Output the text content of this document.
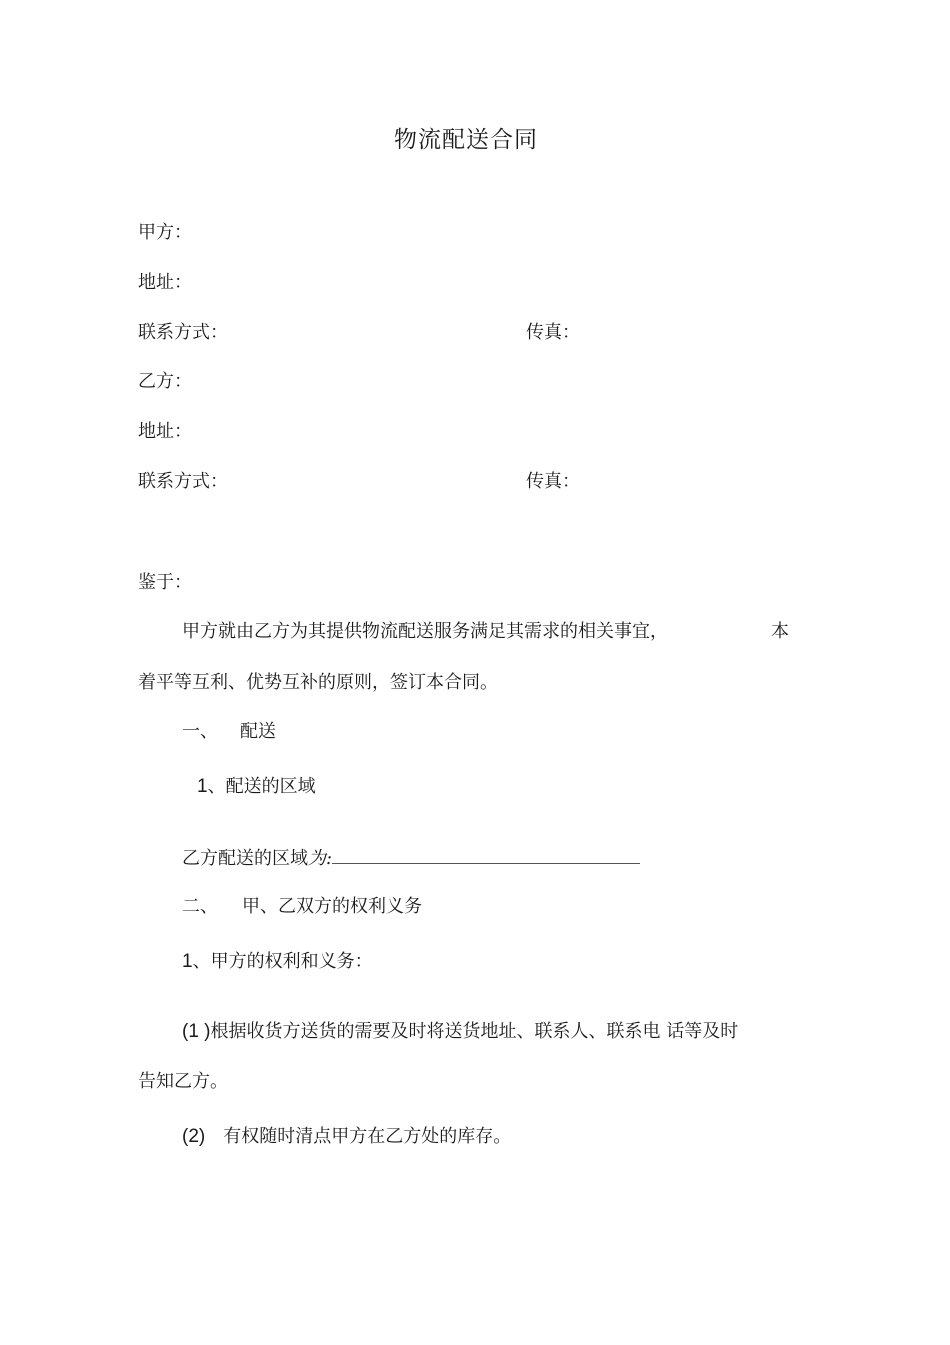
物流配送合同
甲方：
地址：
联系方式：	传真：
乙方：
地址：
联系方式：	传真：
鉴于：
甲方就由乙方为其提供物流配送服务满足其需求的相关事宜，	本
着平等互利、优势互补的原则，签订本合同。
一、 配送
1、配送的区域
乙方配送的区域为:
二、 甲、乙双方的权利义务
1、甲方的权利和义务：
(1 )根据收货方送货的需要及时将送货地址、联系人、联系电 话等及时
告知乙方。
(2) 有权随时清点甲方在乙方处的库存。
